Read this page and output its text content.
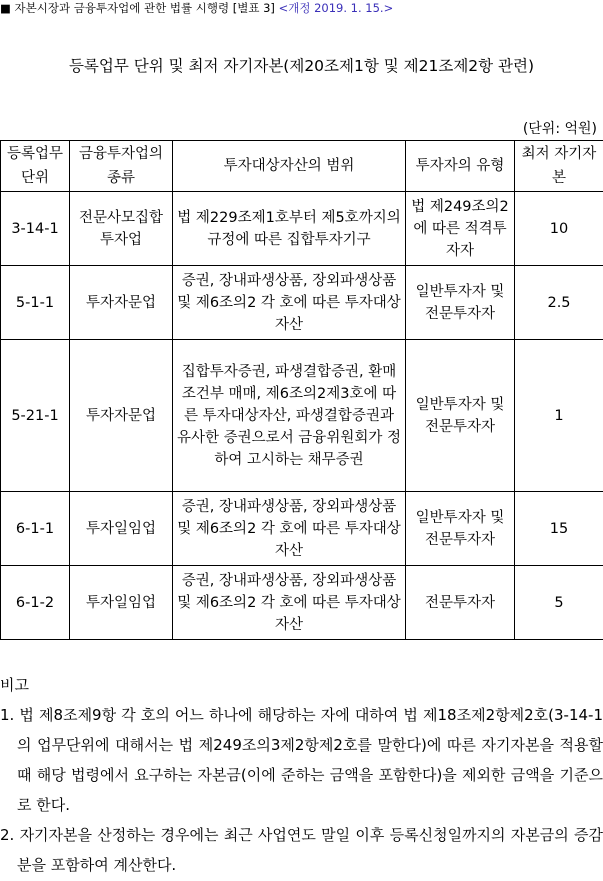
■ 자본시장과 금융투자업에 관한 법률 시행령 [별표 3] <개정 2019. 1. 15.>
등록업무 단위 및 최저 자기자본(제20조제1항 및 제21조제2항 관련)
(단위: 억원)
등록업무 단위	금융투자업의 종류	투자대상자산의 범위	투자자의 유형	최저 자기자본
3-14-1	전문사모집합투자업	법 제229조제1호부터 제5호까지의 규정에 따른 집합투자기구	법 제249조의2에 따른 적격투자자	10
5-1-1	투자자문업	증권, 장내파생상품, 장외파생상품 및 제6조의2 각 호에 따른 투자대상자산	일반투자자 및 전문투자자	2.5
5-21-1	투자자문업	집합투자증권, 파생결합증권, 환매조건부 매매, 제6조의2제3호에 따른 투자대상자산, 파생결합증권과 유사한 증권으로서 금융위원회가 정하여 고시하는 채무증권	일반투자자 및 전문투자자	1
6-1-1	투자일임업	증권, 장내파생상품, 장외파생상품 및 제6조의2 각 호에 따른 투자대상자산	일반투자자 및 전문투자자	15
6-1-2	투자일임업	증권, 장내파생상품, 장외파생상품 및 제6조의2 각 호에 따른 투자대상자산	전문투자자	5

비고

1. 법 제8조제9항 각 호의 어느 하나에 해당하는 자에 대하여 법 제18조제2항제2호(3-14-1의 업무단위에 대해서는 법 제249조의3제2항제2호를 말한다)에 따른 자기자본을 적용할 때 해당 법령에서 요구하는 자본금(이에 준하는 금액을 포함한다)을 제외한 금액을 기준으로 한다.

2. 자기자본을 산정하는 경우에는 최근 사업연도 말일 이후 등록신청일까지의 자본금의 증감분을 포함하여 계산한다.
